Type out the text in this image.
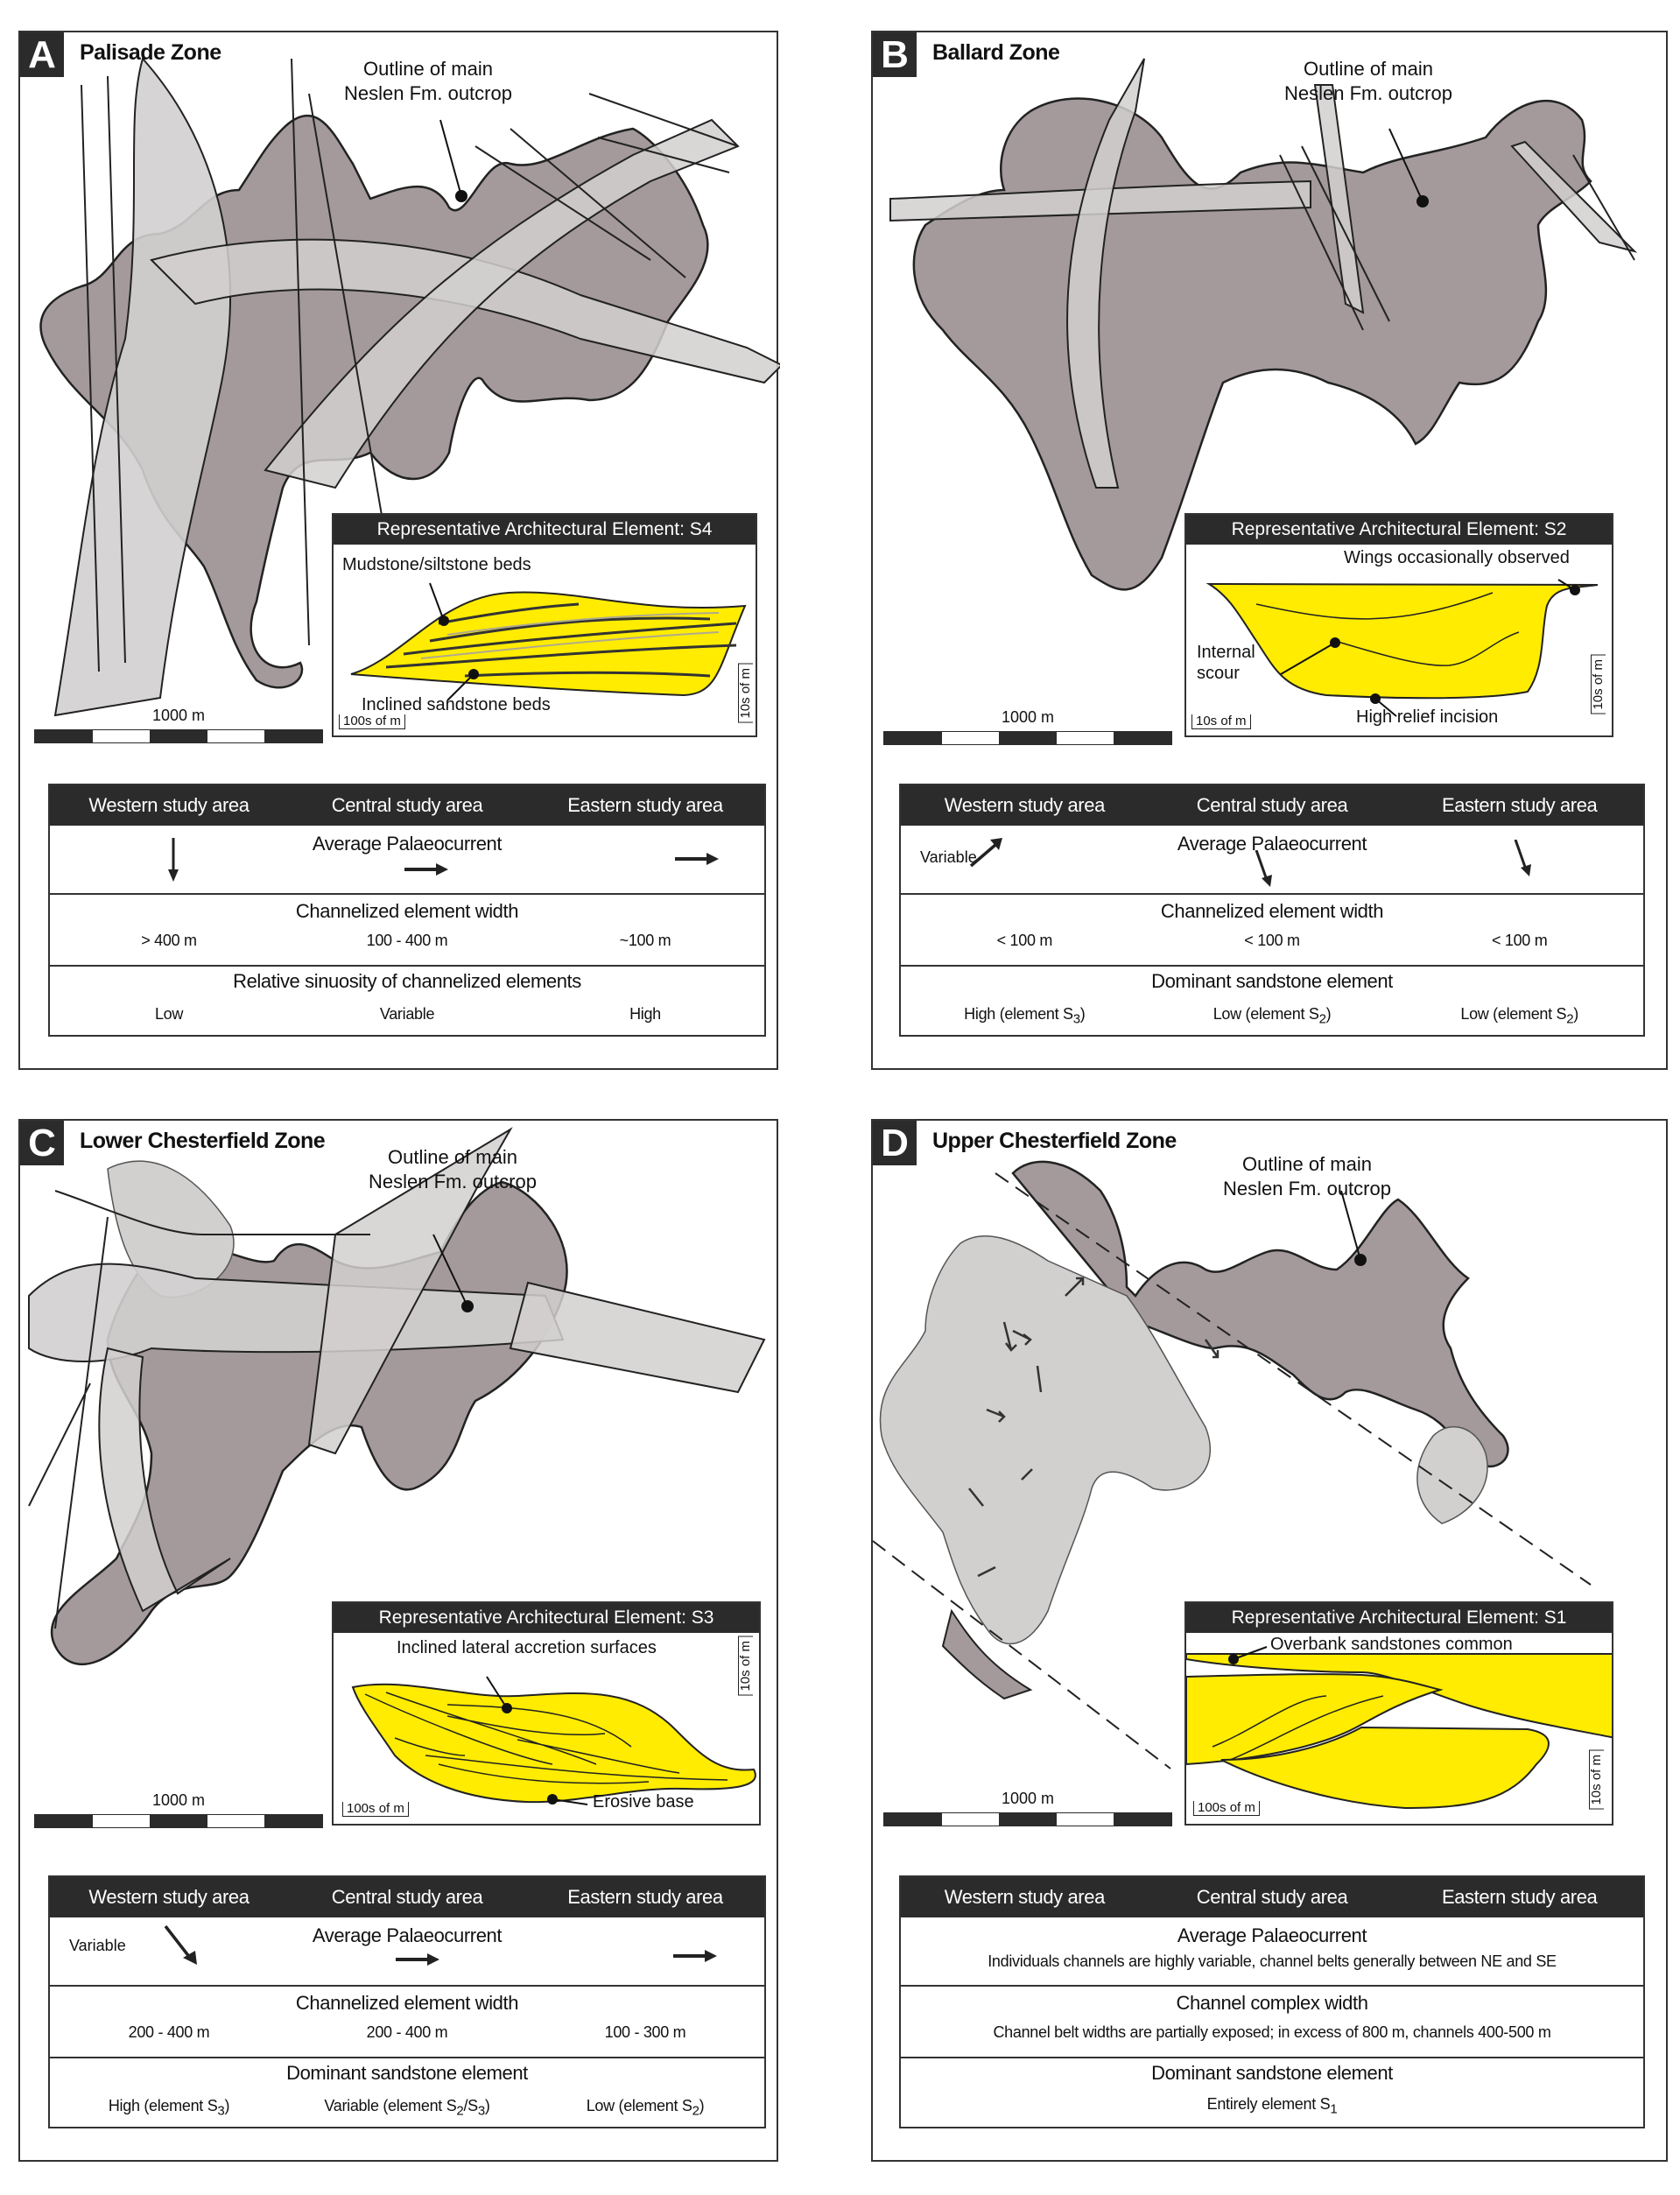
A	Palisade Zone
Outline of main
Neslen Fm. outcrop
Representative Architectural Element: S4
Mudstone/siltstone beds
Inclined sandstone beds
100s of m
10s of m
1000 m
Western study area	Central study area	Eastern study area
Average Palaeocurrent
Channelized element width
> 400 m	100 - 400 m	~100 m
Relative sinuosity of channelized elements
Low	Variable	High
B	Ballard Zone
Outline of main
Neslen Fm. outcrop
Representative Architectural Element: S2
Wings occasionally observed
Internal
scour
High relief incision
10s of m
10s of m
1000 m
Western study area	Central study area	Eastern study area
Average Palaeocurrent
Variable
Channelized element width
< 100 m	< 100 m	< 100 m
Dominant sandstone element
High (element $S_3$)	Low (element $S_2$)	Low (element $S_2$)
C	Lower Chesterfield Zone
Outline of main
Neslen Fm. outcrop
Representative Architectural Element: S3
Inclined lateral accretion surfaces
Erosive base
100s of m
10s of m
1000 m
Western study area	Central study area	Eastern study area
Average Palaeocurrent
Variable
Channelized element width
200 - 400 m	200 - 400 m	100 - 300 m
Dominant sandstone element
High (element $S_3$)	Variable (element $S_2/S_3$)	Low (element $S_2$)
D	Upper Chesterfield Zone
Outline of main
Neslen Fm. outcrop
Representative Architectural Element: S1
Overbank sandstones common
100s of m
10s of m
1000 m
Western study area	Central study area	Eastern study area
Average Palaeocurrent
Individuals channels are highly variable, channel belts generally between NE and SE
Channel complex width
Channel belt widths are partially exposed; in excess of 800 m, channels 400-500 m
Dominant sandstone element
Entirely element $S_1$
